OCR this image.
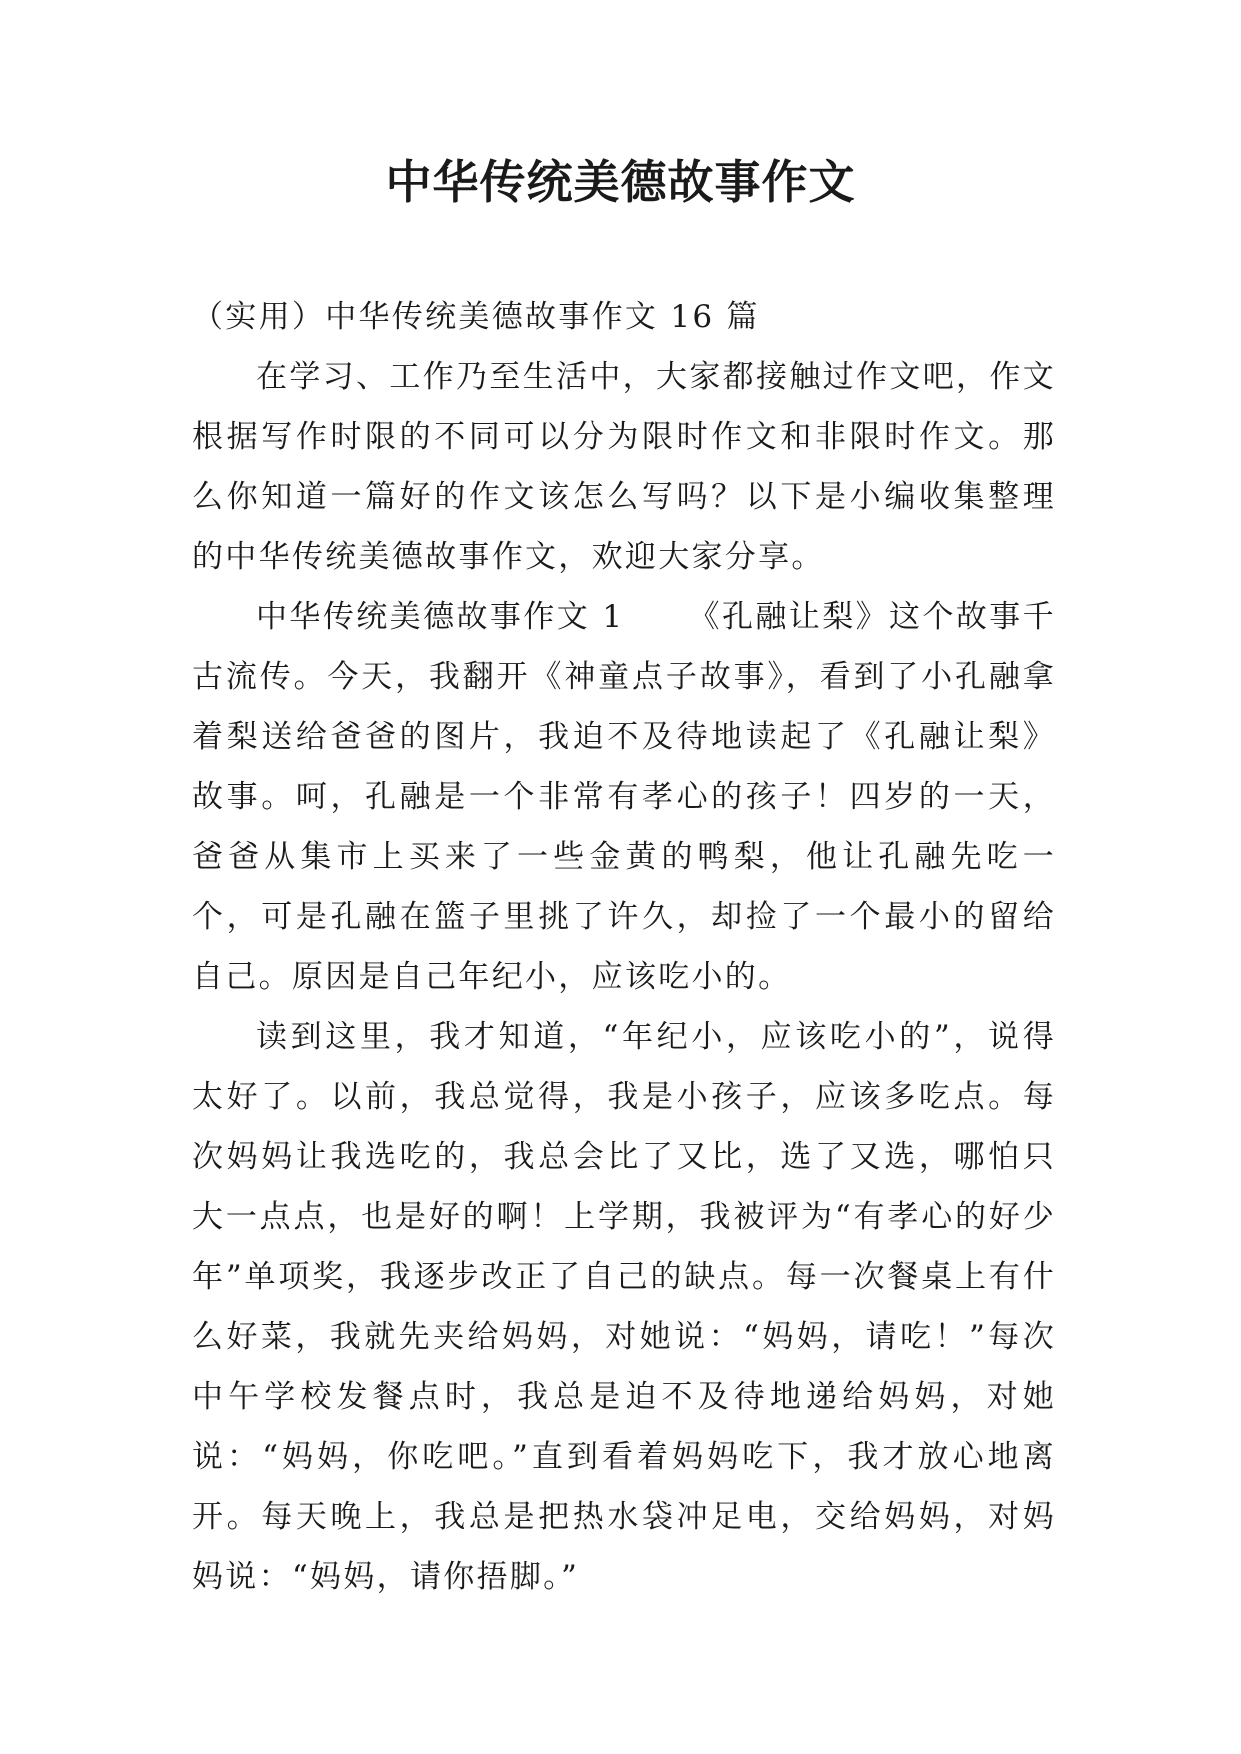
中华传统美德故事作文

（实用）中华传统美德故事作文 16 篇

在学习、工作乃至生活中，大家都接触过作文吧，作文根据写作时限的不同可以分为限时作文和非限时作文。那么你知道一篇好的作文该怎么写吗？以下是小编收集整理的中华传统美德故事作文，欢迎大家分享。

中华传统美德故事作文 1 《孔融让梨》这个故事千古流传。今天，我翻开《神童点子故事》，看到了小孔融拿着梨送给爸爸的图片，我迫不及待地读起了《孔融让梨》故事。呵，孔融是一个非常有孝心的孩子！四岁的一天，爸爸从集市上买来了一些金黄的鸭梨，他让孔融先吃一个，可是孔融在篮子里挑了许久，却捡了一个最小的留给自己。原因是自己年纪小，应该吃小的。

读到这里，我才知道，“年纪小，应该吃小的”，说得太好了。以前，我总觉得，我是小孩子，应该多吃点。每次妈妈让我选吃的，我总会比了又比，选了又选，哪怕只大一点点，也是好的啊！上学期，我被评为“有孝心的好少年”单项奖，我逐步改正了自己的缺点。每一次餐桌上有什么好菜，我就先夹给妈妈，对她说：“妈妈，请吃！”每次中午学校发餐点时，我总是迫不及待地递给妈妈，对她说：“妈妈，你吃吧。”直到看着妈妈吃下，我才放心地离开。每天晚上，我总是把热水袋冲足电，交给妈妈，对妈妈说：“妈妈，请你捂脚。”
